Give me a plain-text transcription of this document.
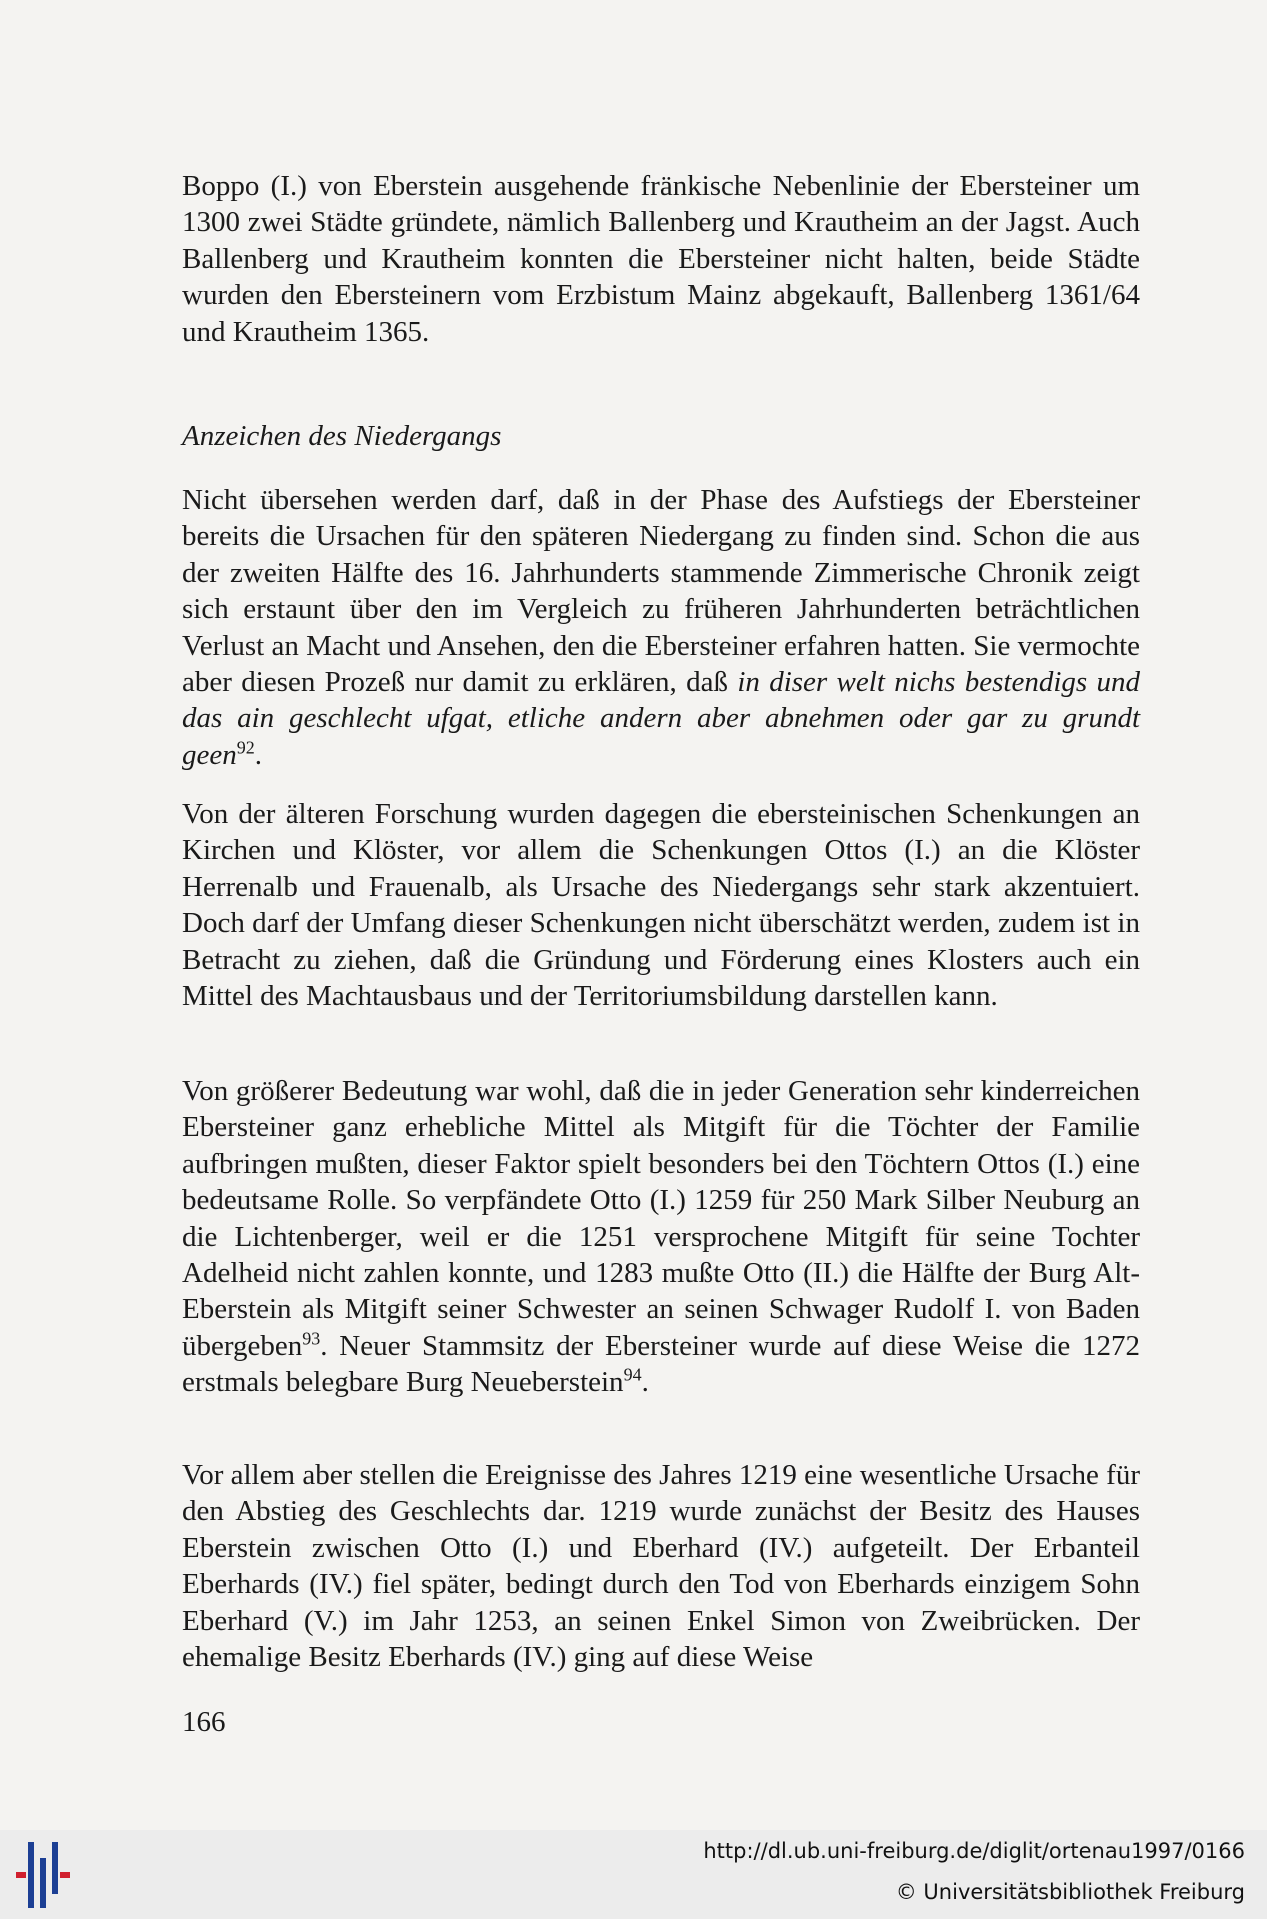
Boppo (I.) von Eberstein ausgehende fränkische Nebenlinie der Ebersteiner um 1300 zwei Städte gründete, nämlich Ballenberg und Krautheim an der Jagst. Auch Ballenberg und Krautheim konnten die Ebersteiner nicht halten, beide Städte wurden den Ebersteinern vom Erzbistum Mainz abgekauft, Ballenberg 1361/64 und Krautheim 1365.

Anzeichen des Niedergangs

Nicht übersehen werden darf, daß in der Phase des Aufstiegs der Ebersteiner bereits die Ursachen für den späteren Niedergang zu finden sind. Schon die aus der zweiten Hälfte des 16. Jahrhunderts stammende Zimmerische Chronik zeigt sich erstaunt über den im Vergleich zu früheren Jahrhunderten beträchtlichen Verlust an Macht und Ansehen, den die Ebersteiner erfahren hatten. Sie vermochte aber diesen Prozeß nur damit zu erklären, daß in diser welt nichs bestendigs und das ain geschlecht ufgat, etliche andern aber abnehmen oder gar zu grundt geen$^{92}$.

Von der älteren Forschung wurden dagegen die ebersteinischen Schenkungen an Kirchen und Klöster, vor allem die Schenkungen Ottos (I.) an die Klöster Herrenalb und Frauenalb, als Ursache des Niedergangs sehr stark akzentuiert. Doch darf der Umfang dieser Schenkungen nicht überschätzt werden, zudem ist in Betracht zu ziehen, daß die Gründung und Förderung eines Klosters auch ein Mittel des Machtausbaus und der Territoriumsbildung darstellen kann.

Von größerer Bedeutung war wohl, daß die in jeder Generation sehr kinderreichen Ebersteiner ganz erhebliche Mittel als Mitgift für die Töchter der Familie aufbringen mußten, dieser Faktor spielt besonders bei den Töchtern Ottos (I.) eine bedeutsame Rolle. So verpfändete Otto (I.) 1259 für 250 Mark Silber Neuburg an die Lichtenberger, weil er die 1251 versprochene Mitgift für seine Tochter Adelheid nicht zahlen konnte, und 1283 mußte Otto (II.) die Hälfte der Burg Alt-Eberstein als Mitgift seiner Schwester an seinen Schwager Rudolf I. von Baden übergeben$^{93}$. Neuer Stammsitz der Ebersteiner wurde auf diese Weise die 1272 erstmals belegbare Burg Neueberstein$^{94}$.

Vor allem aber stellen die Ereignisse des Jahres 1219 eine wesentliche Ursache für den Abstieg des Geschlechts dar. 1219 wurde zunächst der Besitz des Hauses Eberstein zwischen Otto (I.) und Eberhard (IV.) aufgeteilt. Der Erbanteil Eberhards (IV.) fiel später, bedingt durch den Tod von Eberhards einzigem Sohn Eberhard (V.) im Jahr 1253, an seinen Enkel Simon von Zweibrücken. Der ehemalige Besitz Eberhards (IV.) ging auf diese Weise

166
http://dl.ub.uni-freiburg.de/diglit/ortenau1997/0166
© Universitätsbibliothek Freiburg
